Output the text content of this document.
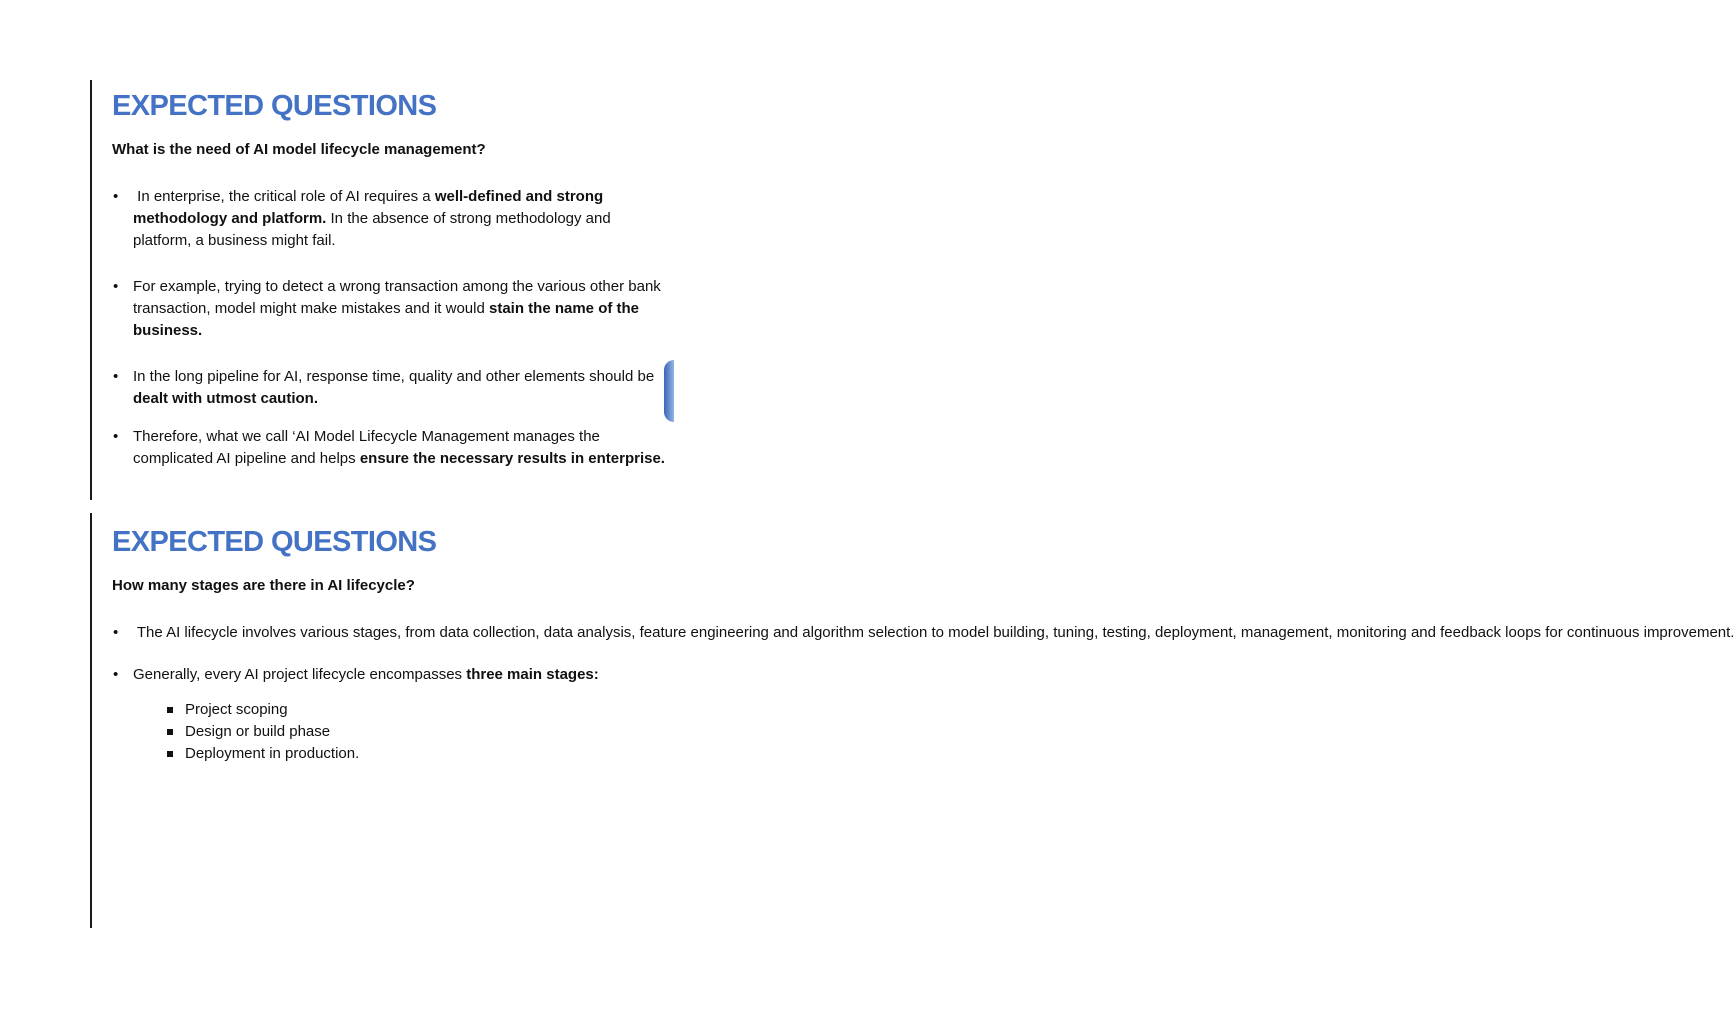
EXPECTED QUESTIONS
What is the need of AI model lifecycle management?
•  In enterprise, the critical role of AI requires a well-defined and strong methodology and platform. In the absence of strong methodology and platform, a business might fail.
• For example, trying to detect a wrong transaction among the various other bank transaction, model might make mistakes and it would stain the name of the business.
• In the long pipeline for AI, response time, quality and other elements should be dealt with utmost caution.
• Therefore, what we call ‘AI Model Lifecycle Management manages the complicated AI pipeline and helps ensure the necessary results in enterprise.
EXPECTED QUESTIONS
How many stages are there in AI lifecycle?
•  The AI lifecycle involves various stages, from data collection, data analysis, feature engineering and algorithm selection to model building, tuning, testing, deployment, management, monitoring and feedback loops for continuous improvement.
• Generally, every AI project lifecycle encompasses three main stages:
Project scoping
Design or build phase
Deployment in production.
